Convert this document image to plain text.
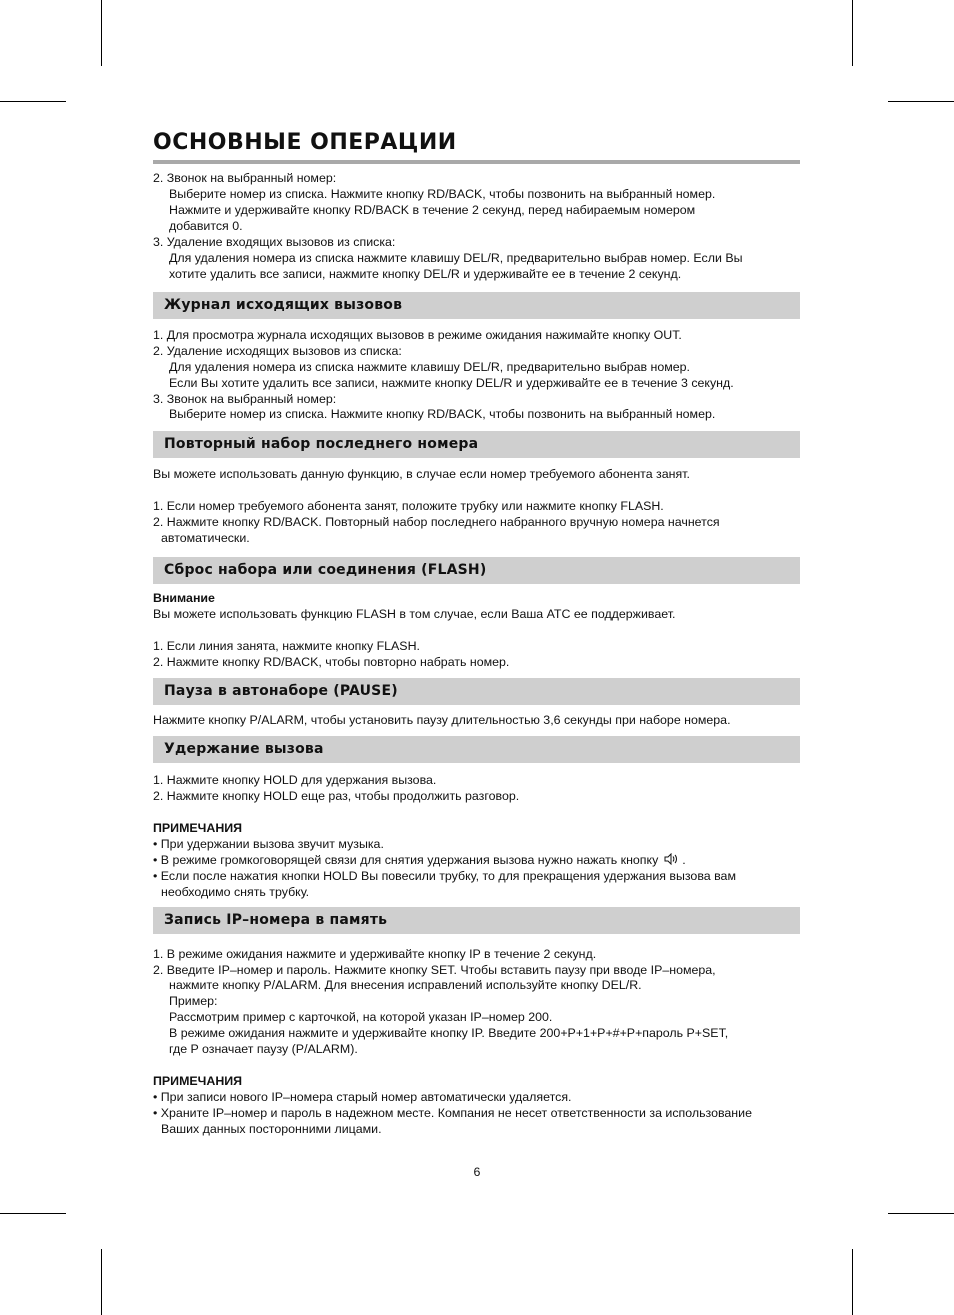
ОСНОВНЫЕ ОПЕРАЦИИ
2. Звонок на выбранный номер:
Выберите номер из списка. Нажмите кнопку RD/BACK, чтобы позвонить на выбранный номер.
Нажмите и удерживайте кнопку RD/BACK в течение 2 секунд, перед набираемым номером
добавится 0.
3. Удаление входящих вызовов из списка:
Для удаления номера из списка нажмите клавишу DEL/R, предварительно выбрав номер. Если Вы
хотите удалить все записи, нажмите кнопку DEL/R и удерживайте ее в течение 2 секунд.
Журнал исходящих вызовов
1. Для просмотра журнала исходящих вызовов в режиме ожидания нажимайте кнопку OUT.
2. Удаление исходящих вызовов из списка:
Для удаления номера из списка нажмите клавишу DEL/R, предварительно выбрав номер.
Если Вы хотите удалить все записи, нажмите кнопку DEL/R и удерживайте ее в течение 3 секунд.
3. Звонок на выбранный номер:
Выберите номер из списка. Нажмите кнопку RD/BACK, чтобы позвонить на выбранный номер.
Повторный набор последнего номера
Вы можете использовать данную функцию, в случае если номер требуемого абонента занят.
1. Если номер требуемого абонента занят, положите трубку или нажмите кнопку FLASH.
2. Нажмите кнопку RD/BACK. Повторный набор последнего набранного вручную номера начнется
автоматически.
Сброс набора или соединения (FLASH)
Внимание
Вы можете использовать функцию FLASH в том случае, если Ваша АТС ее поддерживает.
1. Если линия занята, нажмите кнопку FLASH.
2. Нажмите кнопку RD/BACK, чтобы повторно набрать номер.
Пауза в автонаборе (PAUSE)
Нажмите кнопку P/ALARM, чтобы установить паузу длительностью 3,6 секунды при наборе номера.
Удержание вызова
1. Нажмите кнопку HOLD для удержания вызова.
2. Нажмите кнопку HOLD еще раз, чтобы продолжить разговор.
ПРИМЕЧАНИЯ
• При удержании вызова звучит музыка.
• В режиме громкоговорящей связи для снятия удержания вызова нужно нажать кнопку .
• Если после нажатия кнопки HOLD Вы повесили трубку, то для прекращения удержания вызова вам
необходимо снять трубку.
Запись IP–номера в память
1. В режиме ожидания нажмите и удерживайте кнопку IP в течение 2 секунд.
2. Введите IP–номер и пароль. Нажмите кнопку SET. Чтобы вставить паузу при вводе IP–номера,
нажмите кнопку P/ALARM. Для внесения исправлений используйте кнопку DEL/R.
Пример:
Рассмотрим пример с карточкой, на которой указан IP–номер 200.
В режиме ожидания нажмите и удерживайте кнопку IP. Введите 200+P+1+P+#+P+пароль P+SET,
где P означает паузу (P/ALARM).
ПРИМЕЧАНИЯ
• При записи нового IP–номера старый номер автоматически удаляется.
• Храните IP–номер и пароль в надежном месте. Компания не несет ответственности за использование
Ваших данных посторонними лицами.
6
